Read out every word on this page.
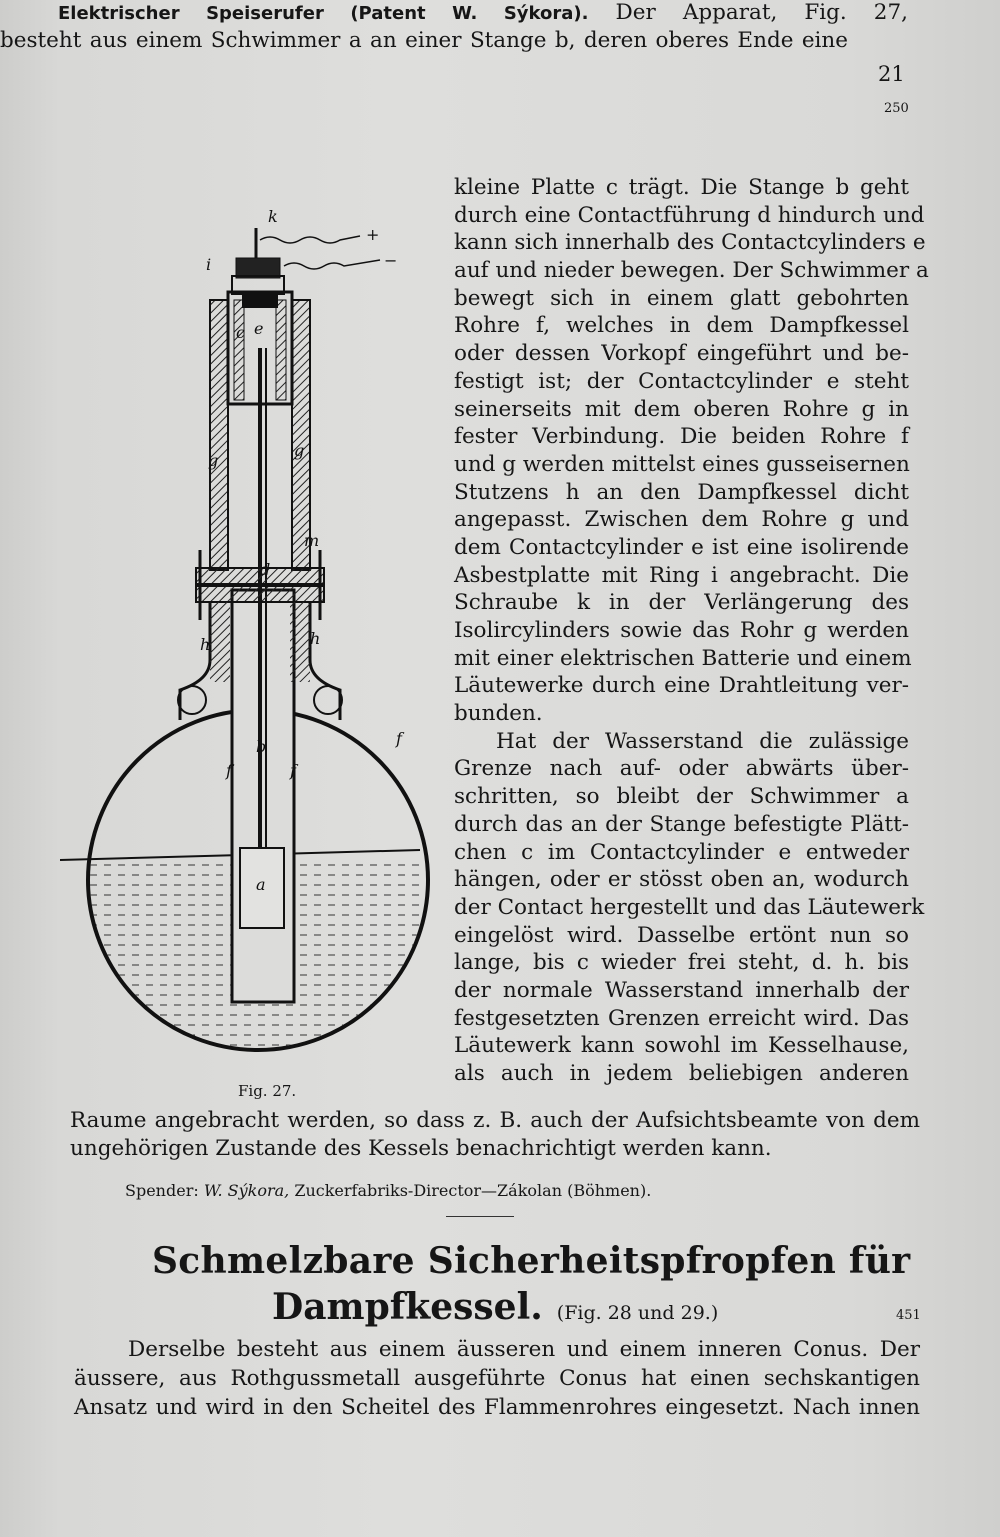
21
250
451
Elektrischer Speiserufer (Patent W. Sýkora). Der Apparat, Fig. 27,
besteht aus einem Schwimmer a an einer Stange b, deren oberes Ende eine
kleine Platte c trägt. Die Stange b geht
durch eine Contactführung d hindurch und
kann sich innerhalb des Contactcylinders e
auf und nieder bewegen. Der Schwimmer a
bewegt sich in einem glatt gebohrten
Rohre f, welches in dem Dampfkessel
oder dessen Vorkopf eingeführt und be-
festigt ist; der Contactcylinder e steht
seinerseits mit dem oberen Rohre g in
fester Verbindung. Die beiden Rohre f
und g werden mittelst eines gusseisernen
Stutzens h an den Dampfkessel dicht
angepasst. Zwischen dem Rohre g und
dem Contactcylinder e ist eine isolirende
Asbestplatte mit Ring i angebracht. Die
Schraube k in der Verlängerung des
Isolircylinders sowie das Rohr g werden
mit einer elektrischen Batterie und einem
Läutewerke durch eine Drahtleitung ver-
bunden.
Hat der Wasserstand die zulässige
Grenze nach auf- oder abwärts über-
schritten, so bleibt der Schwimmer a
durch das an der Stange befestigte Plätt-
chen c im Contactcylinder e entweder
hängen, oder er stösst oben an, wodurch
der Contact hergestellt und das Läutewerk
eingelöst wird. Dasselbe ertönt nun so
lange, bis c wieder frei steht, d. h. bis
der normale Wasserstand innerhalb der
festgesetzten Grenzen erreicht wird. Das
Läutewerk kann sowohl im Kesselhause,
als auch in jedem beliebigen anderen
k
+
−
i
c e
g
g
m
d
h	h
b
f	f
f
a
Fig. 27.
Raume angebracht werden, so dass z. B. auch der Aufsichtsbeamte von dem
ungehörigen Zustande des Kessels benachrichtigt werden kann.
Spender: W. Sýkora, Zuckerfabriks-Director—Zákolan (Böhmen).
Schmelzbare Sicherheitspfropfen für
Dampfkessel. (Fig. 28 und 29.)
Derselbe besteht aus einem äusseren und einem inneren Conus. Der
äussere, aus Rothgussmetall ausgeführte Conus hat einen sechskantigen
Ansatz und wird in den Scheitel des Flammenrohres eingesetzt. Nach innen
